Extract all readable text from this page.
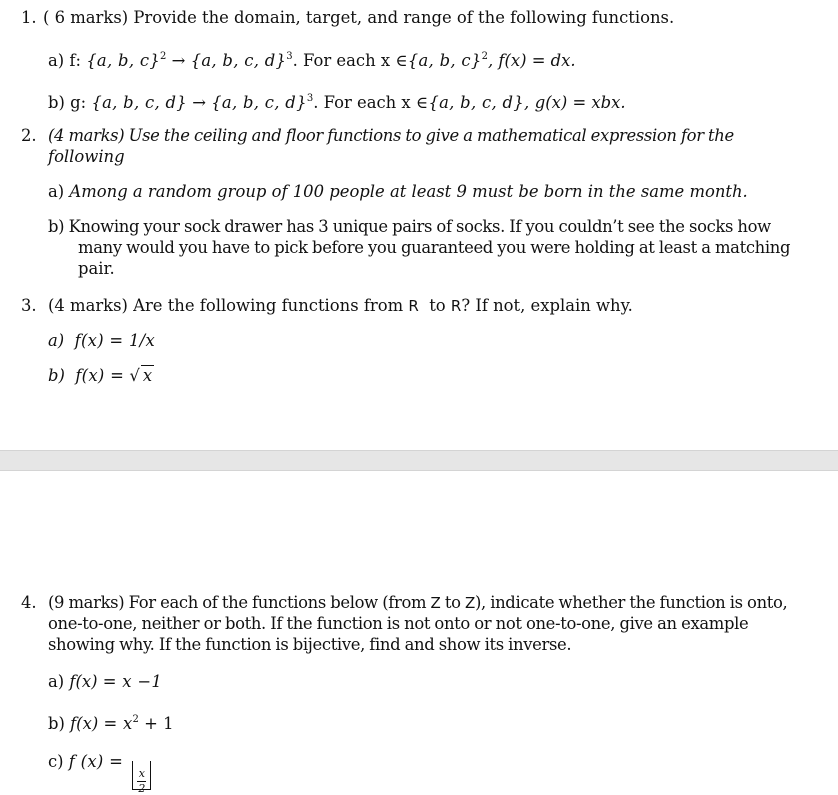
1. ( 6 marks) Provide the domain, target, and range of the following functions.
a) f: {a, b, c}$^2$ → {a, b, c, d}$^3$. For each x ∈{a, b, c}$^2$, f(x) = dx.
b) g: {a, b, c, d} → {a, b, c, d}$^3$. For each x ∈{a, b, c, d}, g(x) = xbx.
2. (4 marks) Use the ceiling and floor functions to give a mathematical expression for the
following
a) Among a random group of 100 people at least 9 must be born in the same month.
b) Knowing your sock drawer has 3 unique pairs of socks. If you couldn’t see the socks how
many would you have to pick before you guaranteed you were holding at least a matching
pair.
3. (4 marks) Are the following functions from R to R? If not, explain why.
a) f(x) = 1/x
b) f(x) = √ x
4. (9 marks) For each of the functions below (from Z to Z), indicate whether the function is onto,
one-to-one, neither or both. If the function is not onto or not one-to-one, give an example
showing why. If the function is bijective, find and show its inverse.
a) f(x) = x −1
b) $f(x) = x^2 + 1$
c) f (x) =
$\frac{x}{2}$
